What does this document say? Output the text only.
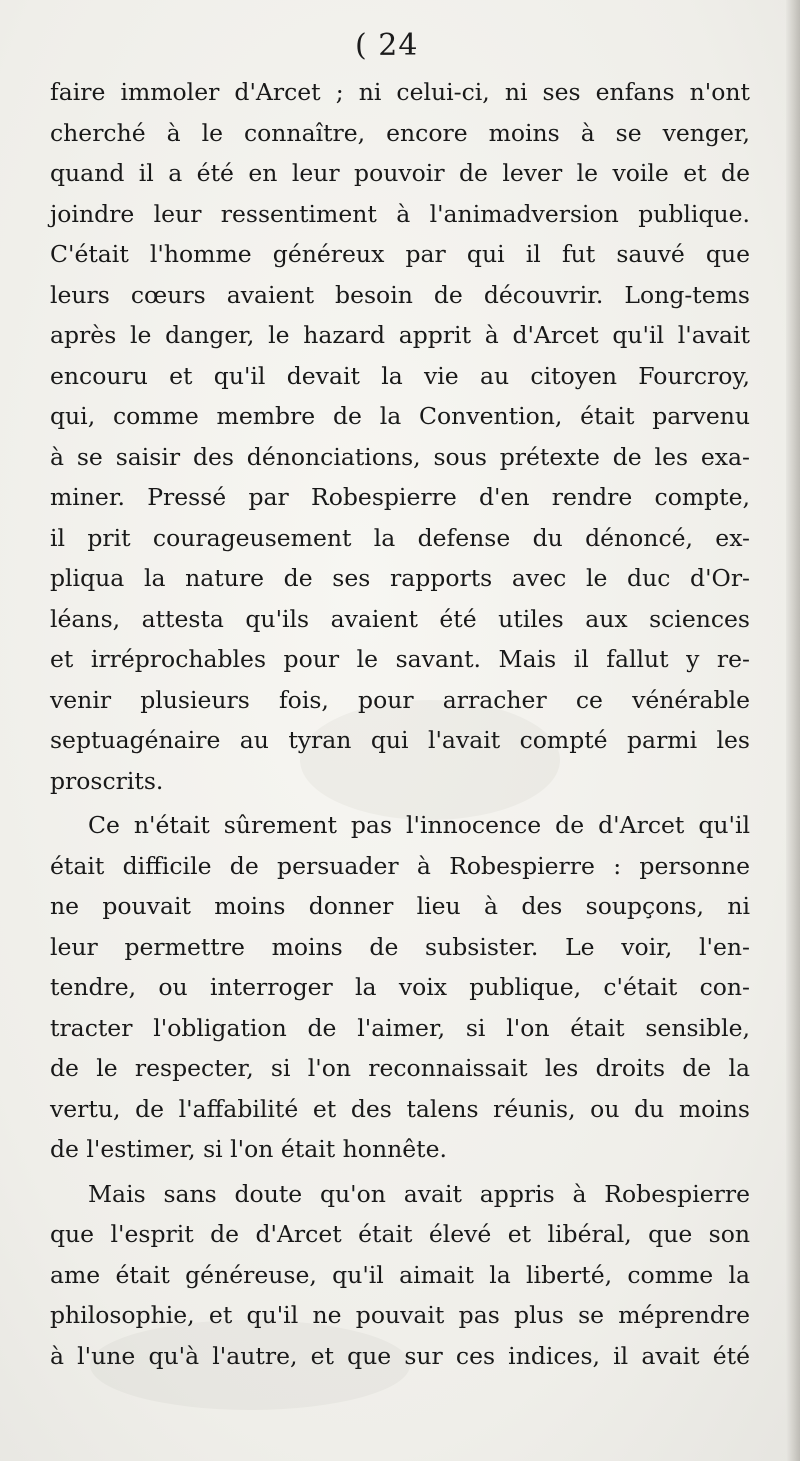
( 24

faire immoler d'Arcet ; ni celui-ci, ni ses enfans n'ont

cherché à le connaître, encore moins à se venger,

quand il a été en leur pouvoir de lever le voile et de

joindre leur ressentiment à l'animadversion publique.

C'était l'homme généreux par qui il fut sauvé que

leurs cœurs avaient besoin de découvrir. Long-tems

après le danger, le hazard apprit à d'Arcet qu'il l'avait

encouru et qu'il devait la vie au citoyen Fourcroy,

qui, comme membre de la Convention, était parvenu

à se saisir des dénonciations, sous prétexte de les exa-

miner. Pressé par Robespierre d'en rendre compte,

il prit courageusement la defense du dénoncé, ex-

pliqua la nature de ses rapports avec le duc d'Or-

léans, attesta qu'ils avaient été utiles aux sciences

et irréprochables pour le savant. Mais il fallut y re-

venir plusieurs fois, pour arracher ce vénérable

septuagénaire au tyran qui l'avait compté parmi les

proscrits.

Ce n'était sûrement pas l'innocence de d'Arcet qu'il

était difficile de persuader à Robespierre : personne

ne pouvait moins donner lieu à des soupçons, ni

leur permettre moins de subsister. Le voir, l'en-

tendre, ou interroger la voix publique, c'était con-

tracter l'obligation de l'aimer, si l'on était sensible,

de le respecter, si l'on reconnaissait les droits de la

vertu, de l'affabilité et des talens réunis, ou du moins

de l'estimer, si l'on était honnête.

Mais sans doute qu'on avait appris à Robespierre

que l'esprit de d'Arcet était élevé et libéral, que son

ame était généreuse, qu'il aimait la liberté, comme la

philosophie, et qu'il ne pouvait pas plus se méprendre

à l'une qu'à l'autre, et que sur ces indices, il avait été
